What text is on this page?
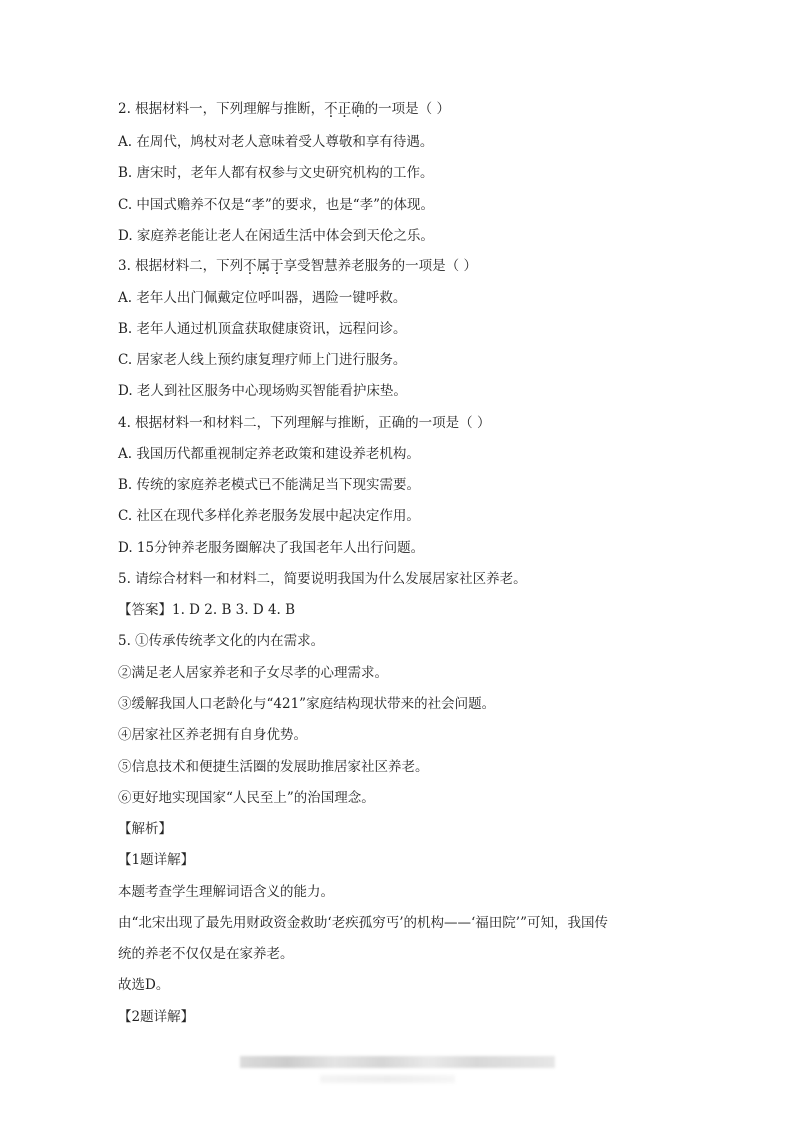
2. 根据材料一，下列理解与推断，不正确的一项是（ ）
A. 在周代，鸠杖对老人意味着受人尊敬和享有待遇。
B. 唐宋时，老年人都有权参与文史研究机构的工作。
C. 中国式赡养不仅是“孝”的要求，也是“孝”的体现。
D. 家庭养老能让老人在闲适生活中体会到天伦之乐。
3. 根据材料二，下列不属于享受智慧养老服务的一项是（ ）
A. 老年人出门佩戴定位呼叫器，遇险一键呼救。
B. 老年人通过机顶盒获取健康资讯，远程问诊。
C. 居家老人线上预约康复理疗师上门进行服务。
D. 老人到社区服务中心现场购买智能看护床垫。
4. 根据材料一和材料二，下列理解与推断，正确的一项是（ ）
A. 我国历代都重视制定养老政策和建设养老机构。
B. 传统的家庭养老模式已不能满足当下现实需要。
C. 社区在现代多样化养老服务发展中起决定作用。
D. 15分钟养老服务圈解决了我国老年人出行问题。
5. 请综合材料一和材料二，简要说明我国为什么发展居家社区养老。
【答案】1. D 2. B 3. D 4. B
5. ①传承传统孝文化的内在需求。
②满足老人居家养老和子女尽孝的心理需求。
③缓解我国人口老龄化与“421”家庭结构现状带来的社会问题。
④居家社区养老拥有自身优势。
⑤信息技术和便捷生活圈的发展助推居家社区养老。
⑥更好地实现国家“人民至上”的治国理念。
【解析】
【1题详解】
本题考查学生理解词语含义的能力。
由“北宋出现了最先用财政资金救助‘老疾孤穷丐’的机构——‘福田院’”可知，我国传
统的养老不仅仅是在家养老。
故选D。
【2题详解】
